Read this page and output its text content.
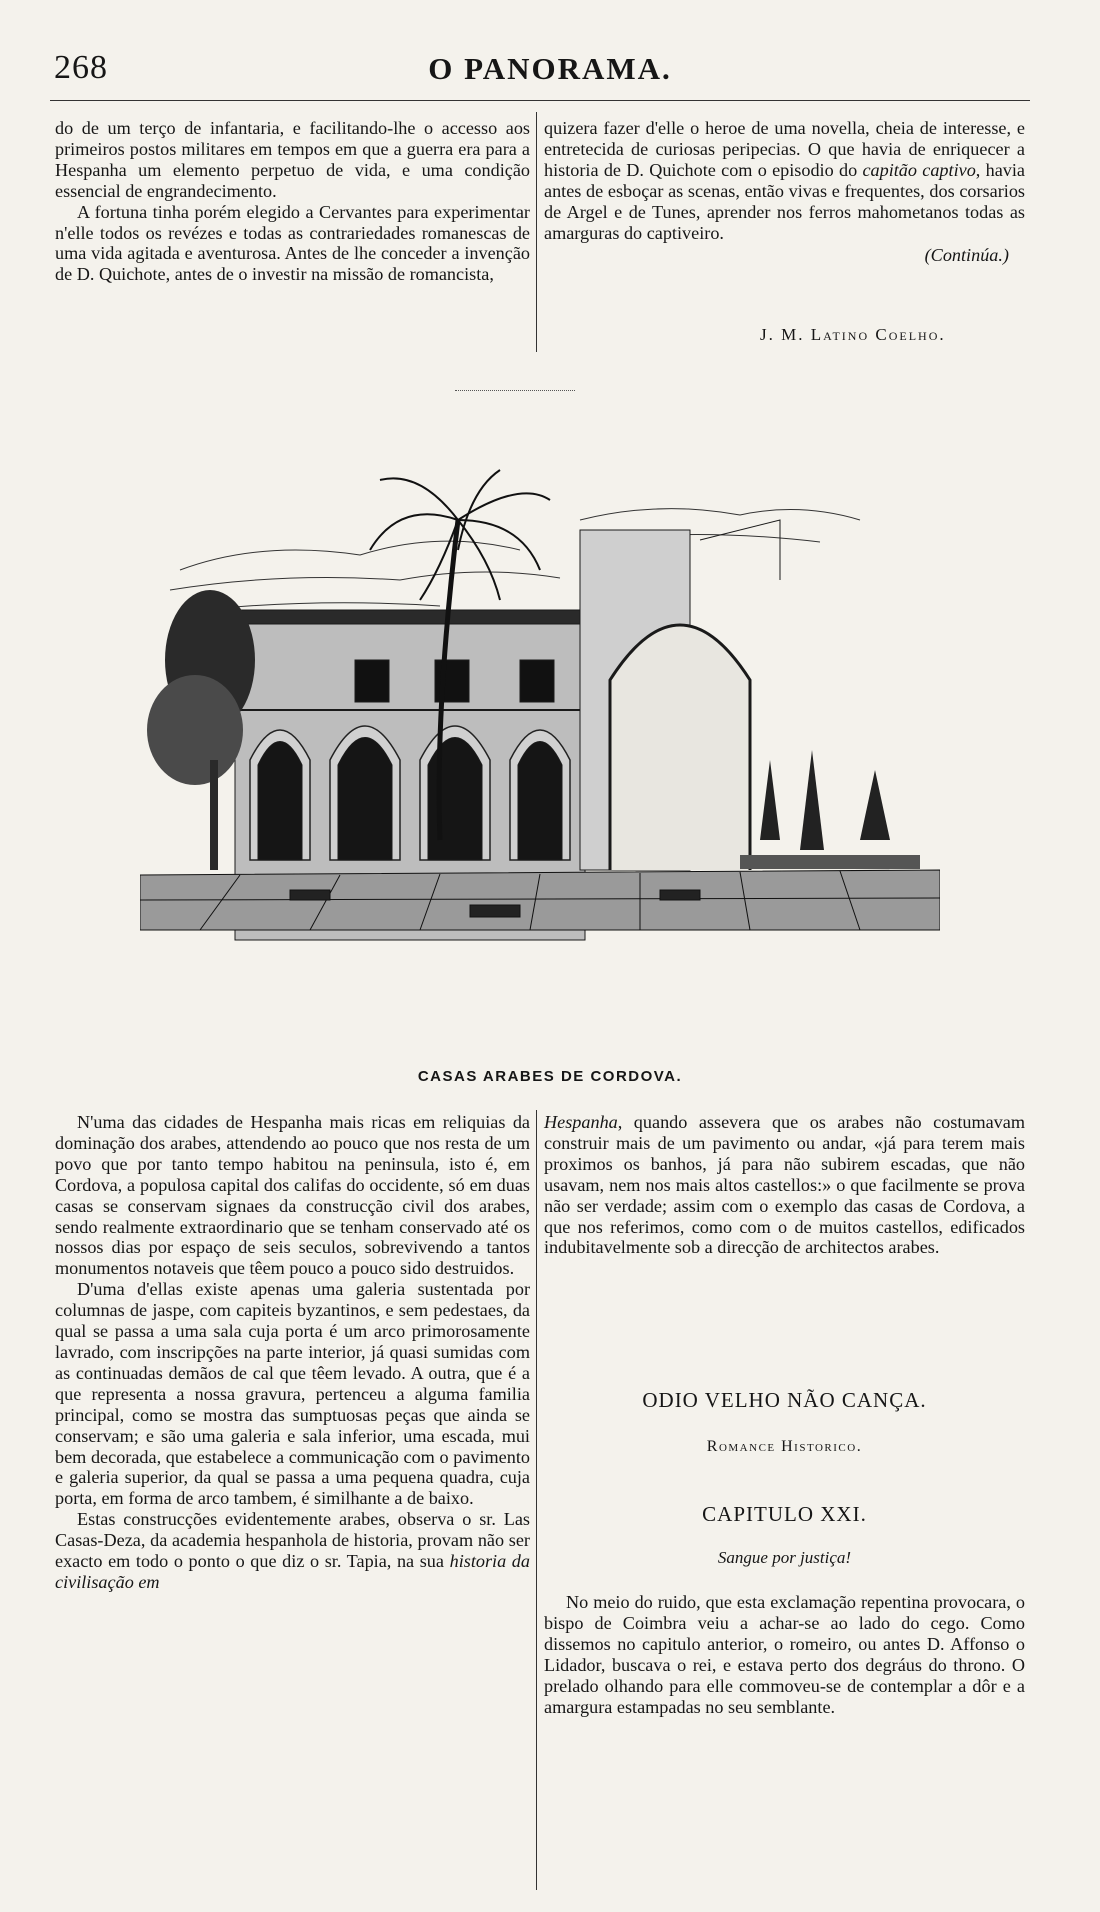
268	O PANORAMA.

do de um terço de infantaria, e facilitando-lhe o accesso aos primeiros postos militares em tempos em que a guerra era para a Hespanha um elemento perpetuo de vida, e uma condição essencial de engrandecimento.

A fortuna tinha porém elegido a Cervantes para experimentar n'elle todos os revézes e todas as contrariedades romanescas de uma vida agitada e aventurosa. Antes de lhe conceder a invenção de D. Quichote, antes de o investir na missão de romancista,

quizera fazer d'elle o heroe de uma novella, cheia de interesse, e entretecida de curiosas peripecias. O que havia de enriquecer a historia de D. Quichote com o episodio do capitão captivo, havia antes de esboçar as scenas, então vivas e frequentes, dos corsarios de Argel e de Tunes, aprender nos ferros mahometanos todas as amarguras do captiveiro.

(Continúa.)

J. M. Latino Coelho.
CASAS ARABES DE CORDOVA.

N'uma das cidades de Hespanha mais ricas em reliquias da dominação dos arabes, attendendo ao pouco que nos resta de um povo que por tanto tempo habitou na peninsula, isto é, em Cordova, a populosa capital dos califas do occidente, só em duas casas se conservam signaes da construcção civil dos arabes, sendo realmente extraordinario que se tenham conservado até os nossos dias por espaço de seis seculos, sobrevivendo a tantos monumentos notaveis que têem pouco a pouco sido destruidos.

D'uma d'ellas existe apenas uma galeria sustentada por columnas de jaspe, com capiteis byzantinos, e sem pedestaes, da qual se passa a uma sala cuja porta é um arco primorosamente lavrado, com inscripções na parte interior, já quasi sumidas com as continuadas demãos de cal que têem levado. A outra, que é a que representa a nossa gravura, pertenceu a alguma familia principal, como se mostra das sumptuosas peças que ainda se conservam; e são uma galeria e sala inferior, uma escada, mui bem decorada, que estabelece a communicação com o pavimento e galeria superior, da qual se passa a uma pequena quadra, cuja porta, em forma de arco tambem, é similhante a de baixo.

Estas construcções evidentemente arabes, observa o sr. Las Casas-Deza, da academia hespanhola de historia, provam não ser exacto em todo o ponto o que diz o sr. Tapia, na sua historia da civilisação em

Hespanha, quando assevera que os arabes não costumavam construir mais de um pavimento ou andar, «já para terem mais proximos os banhos, já para não subirem escadas, que não usavam, nem nos mais altos castellos:» o que facilmente se prova não ser verdade; assim com o exemplo das casas de Cordova, a que nos referimos, como com o de muitos castellos, edificados indubitavelmente sob a direcção de architectos arabes.

ODIO VELHO NÃO CANÇA.
Romance Historico.
CAPITULO XXI.
Sangue por justiça!

No meio do ruido, que esta exclamação repentina provocara, o bispo de Coimbra veiu a achar-se ao lado do cego. Como dissemos no capitulo anterior, o romeiro, ou antes D. Affonso o Lidador, buscava o rei, e estava perto dos degráus do throno. O prelado olhando para elle commoveu-se de contemplar a dôr e a amargura estampadas no seu semblante.
